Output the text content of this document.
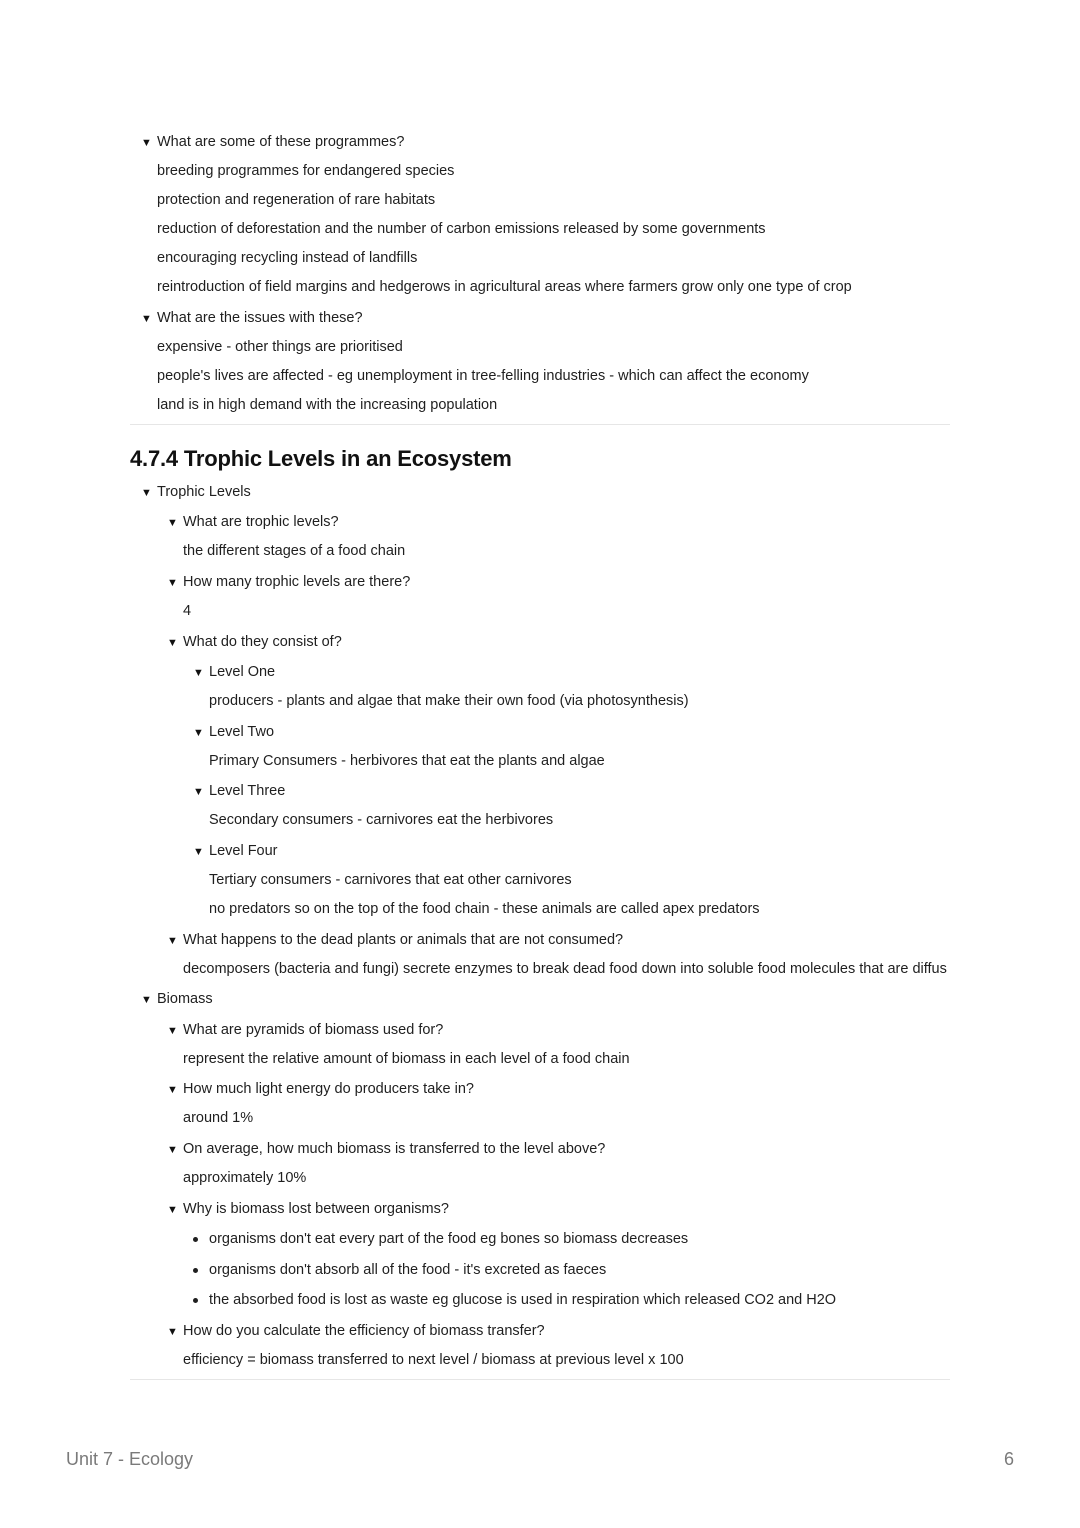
▼ What are some of these programmes?
breeding programmes for endangered species
protection and regeneration of rare habitats
reduction of deforestation and the number of carbon emissions released by some governments
encouraging recycling instead of landfills
reintroduction of field margins and hedgerows in agricultural areas where farmers grow only one type of crop
▼ What are the issues with these?
expensive - other things are prioritised
people's lives are affected - eg unemployment in tree-felling industries - which can affect the economy
land is in high demand with the increasing population
4.7.4 Trophic Levels in an Ecosystem
▼ Trophic Levels
▼ What are trophic levels?
the different stages of a food chain
▼ How many trophic levels are there?
4
▼ What do they consist of?
▼ Level One
producers - plants and algae that make their own food (via photosynthesis)
▼ Level Two
Primary Consumers - herbivores that eat the plants and algae
▼ Level Three
Secondary consumers - carnivores eat the herbivores
▼ Level Four
Tertiary consumers - carnivores that eat other carnivores
no predators so on the top of the food chain - these animals are called apex predators
▼ What happens to the dead plants or animals that are not consumed?
decomposers (bacteria and fungi) secrete enzymes to break dead food down into soluble food molecules that are diffus
▼ Biomass
▼ What are pyramids of biomass used for?
represent the relative amount of biomass in each level of a food chain
▼ How much light energy do producers take in?
around 1%
▼ On average, how much biomass is transferred to the level above?
approximately 10%
▼ Why is biomass lost between organisms?
organisms don't eat every part of the food eg bones so biomass decreases
organisms don't absorb all of the food - it's excreted as faeces
the absorbed food is lost as waste eg glucose is used in respiration which released CO2 and H2O
▼ How do you calculate the efficiency of biomass transfer?
efficiency = biomass transferred to next level / biomass at previous level x 100
Unit 7 - Ecology	6
